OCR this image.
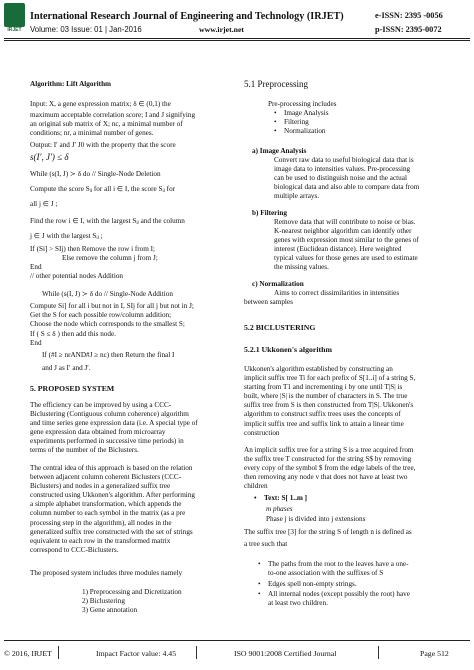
IRJET
International Research Journal of Engineering and Technology (IRJET)	e-ISSN: 2395 -0056
Volume: 03 Issue: 01 | Jan-2016	www.irjet.net	p-ISSN: 2395-0072
Algorithm: Lift Algorithm
Input: X, a gene expression matrix; δ ∈ (0,1) the
maximum acceptable correlation score; I and J signifying
an original sub matrix of X; nc, a minimal number of
conditions; nr, a minimal number of genes.
Output: I′ and J′ J0 with the property that the score
s(I′, J′) ≤ δ
While (s(I, J) ≻ δ do // Single-Node Deletion
Compute the score Sᵢⱼ for all i ∈ I, the score Sᵢⱼ for
all j ∈ J ;
Find the row i ∈ I, with the largest Sᵢⱼ and the column
j ∈ J with the largest Sᵢⱼ ;
If (Si] > SIj) then Remove the row i from I;
Else remove the column j from J;
End
// other potential nodes Addition
While (s(I, J) ≻ δ do // Single-Node Addition
Compute Si] for all i but not in I, SIj for all j but not in J;
Get the S for each possible row/column addition;
Choose the node which corresponds to the smallest S;
If ( S ≤ δ ) then add this node.
End
If (#I ≥ nrAND#J ≥ nc) then Return the final I
and J as I′ and J′.
5. PROPOSED SYSTEM
The efficiency can be improved by using a CCC-
Biclustering (Contiguous column coherence) algorithm
and time series gene expression data (i.e. A special type of
gene expression data obtained from microarray
experiments performed in successive time periods) in
terms of the number of the Biclusters.
The central idea of this approach is based on the relation
between adjacent column coherent Biclusters (CCC-
Biclusters) and nodes in a generalized suffix tree
constructed using Ukkonen's algorithm. After performing
a simple alphabet transformation, which appends the
column number to each symbol in the matrix (as a pre
processing step in the algorithm), all nodes in the
generalized suffix tree constructed with the set of strings
equivalent to each row in the transformed matrix
correspond to CCC-Biclusters.
The proposed system includes three modules namely
1) Preprocessing and Dicretization
2) Biclustering
3) Gene annotation
5.1 Preprocessing
Pre-processing includes
• Image Analysis
• Filtering
• Normalization
a) Image Analysis
Convert raw data to useful biological data that is
image data to intensities values. Pre-processing
can be used to distinguish noise and the actual
biological data and also able to compare data from
multiple arrays.
b) Filtering
Remove data that will contribute to noise or bias.
K-nearest neighbor algorithm can identify other
genes with expression most similar to the genes of
interest (Euclidean distance). Here weighted
typical values for those genes are used to estimate
the missing values.
c) Normalization
Aims to correct dissimilarities in intensities
between samples
5.2 BICLUSTERING
5.2.1 Ukkonen's algorithm
Ukkonen's algorithm established by constructing an
implicit suffix tree Ti for each prefix of S[1..i] of a string S,
starting from T1 and incrementing i by one until T|S| is
built, where |S| is the number of characters in S. The true
suffix tree from S is then constructed from T|S|. Ukkonen's
algorithm to construct suffix trees uses the concepts of
implicit suffix tree and suffix link to attain a linear time
construction
An implicit suffix tree for a string S is a tree acquired from
the suffix tree T constructed for the string S$ by removing
every copy of the symbol $ from the edge labels of the tree,
then removing any node v that does not have at least two
children
• Text: S[ 1..m ]
m phases
Phase j is divided into j extensions
The suffix tree [3] for the string S of length n is defined as
a tree such that
• The paths from the root to the leaves have a one-
to-one association with the suffixes of S
• Edges spell non-empty strings.
• All internal nodes (except possibly the root) have
at least two children.
© 2016, IRJET	Impact Factor value: 4.45	ISO 9001:2008 Certified Journal	Page 512
